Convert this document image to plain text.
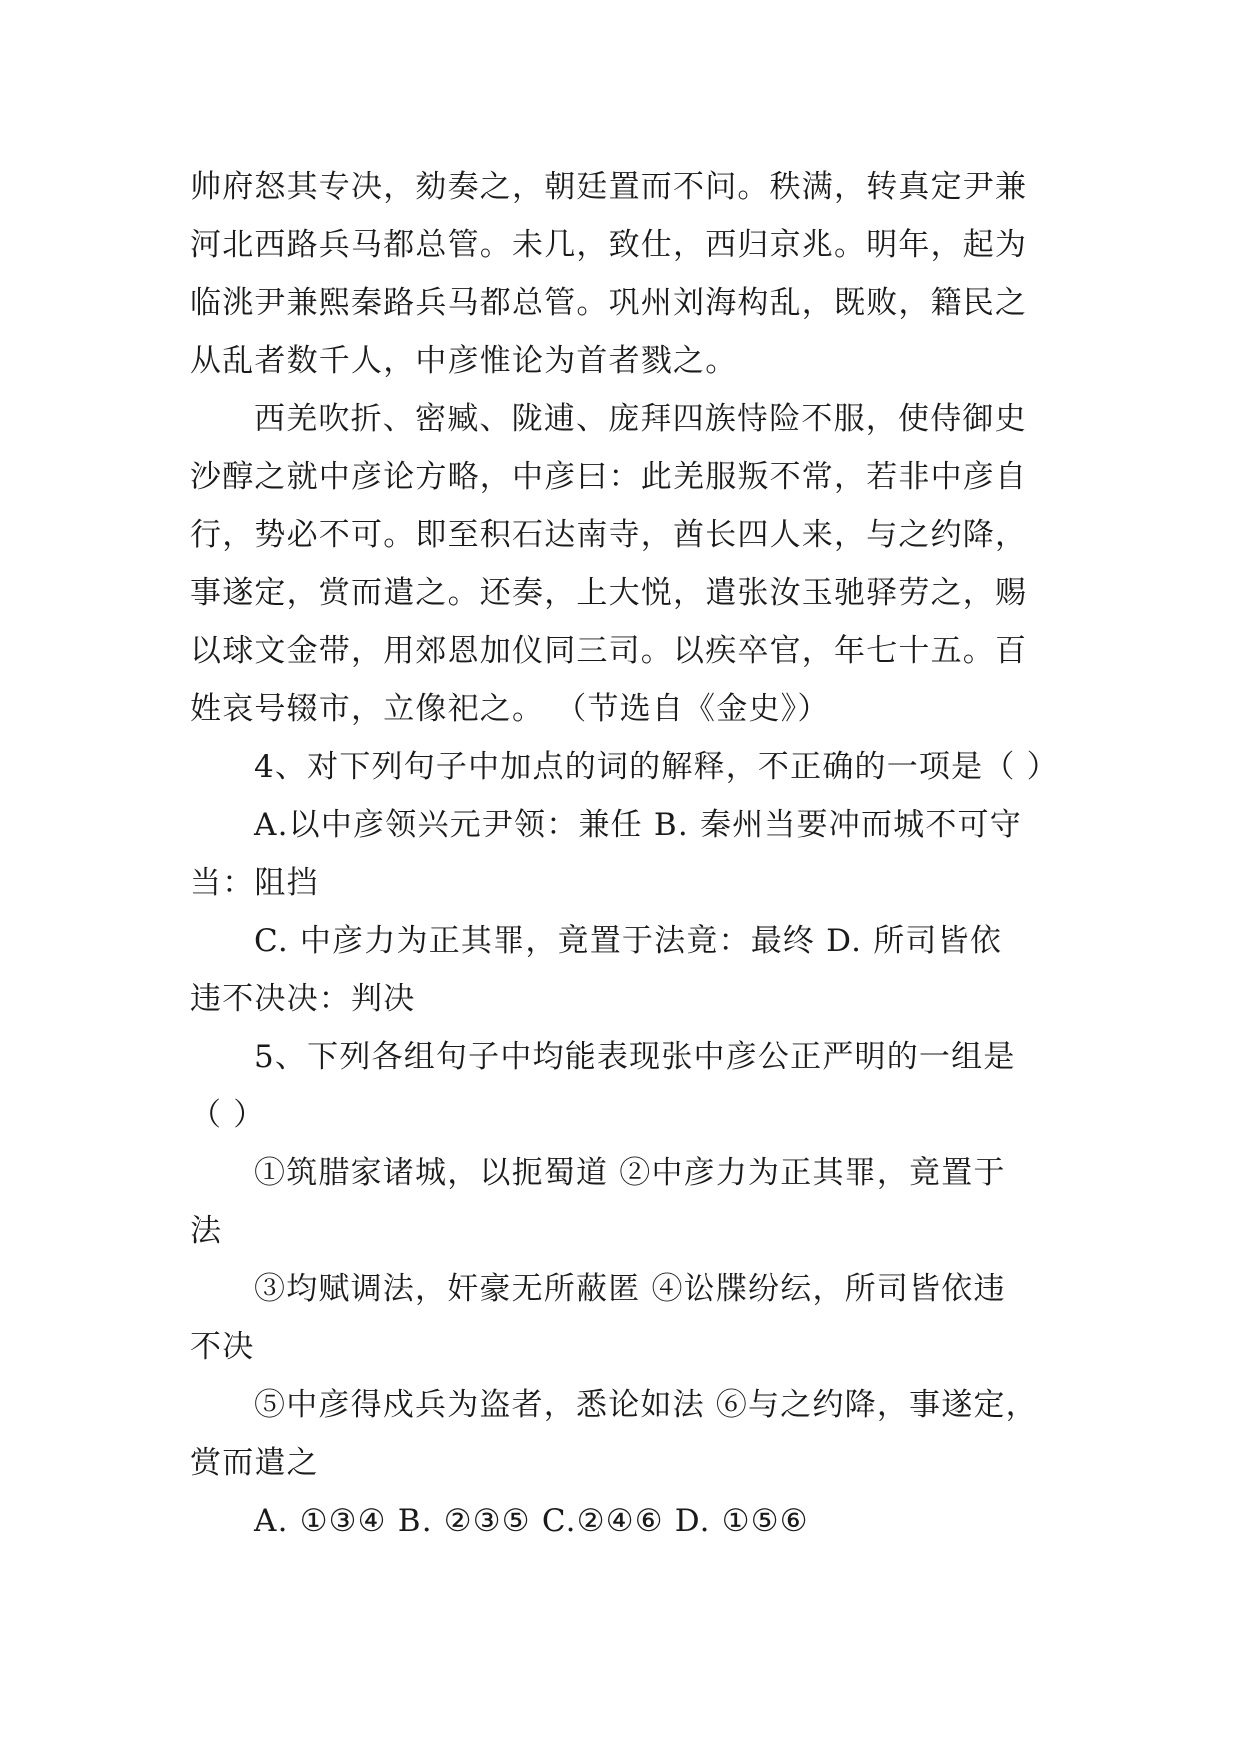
帅府怒其专决，劾奏之，朝廷置而不问。秩满，转真定尹兼
河北西路兵马都总管。未几，致仕，西归京兆。明年，起为
临洮尹兼熙秦路兵马都总管。巩州刘海构乱，既败，籍民之
从乱者数千人，中彦惟论为首者戮之。
西羌吹折、密臧、陇逋、庞拜四族恃险不服，使侍御史
沙醇之就中彦论方略，中彦曰：此羌服叛不常，若非中彦自
行，势必不可。即至积石达南寺，酋长四人来，与之约降，
事遂定，赏而遣之。还奏，上大悦，遣张汝玉驰驿劳之，赐
以球文金带，用郊恩加仪同三司。以疾卒官，年七十五。百
姓哀号辍市，立像祀之。 （节选自《金史》）
4、对下列句子中加点的词的解释，不正确的一项是（ ）
A.以中彦领兴元尹领：兼任 B. 秦州当要冲而城不可守
当：阻挡
C. 中彦力为正其罪，竟置于法竟：最终 D. 所司皆依
违不决决：判决
5、下列各组句子中均能表现张中彦公正严明的一组是
（ ）
①筑腊家诸城，以扼蜀道 ②中彦力为正其罪，竟置于
法
③均赋调法，奸豪无所蔽匿 ④讼牒纷纭，所司皆依违
不决
⑤中彦得戍兵为盗者，悉论如法 ⑥与之约降，事遂定，
赏而遣之
A. ①③④ B. ②③⑤ C.②④⑥ D. ①⑤⑥
